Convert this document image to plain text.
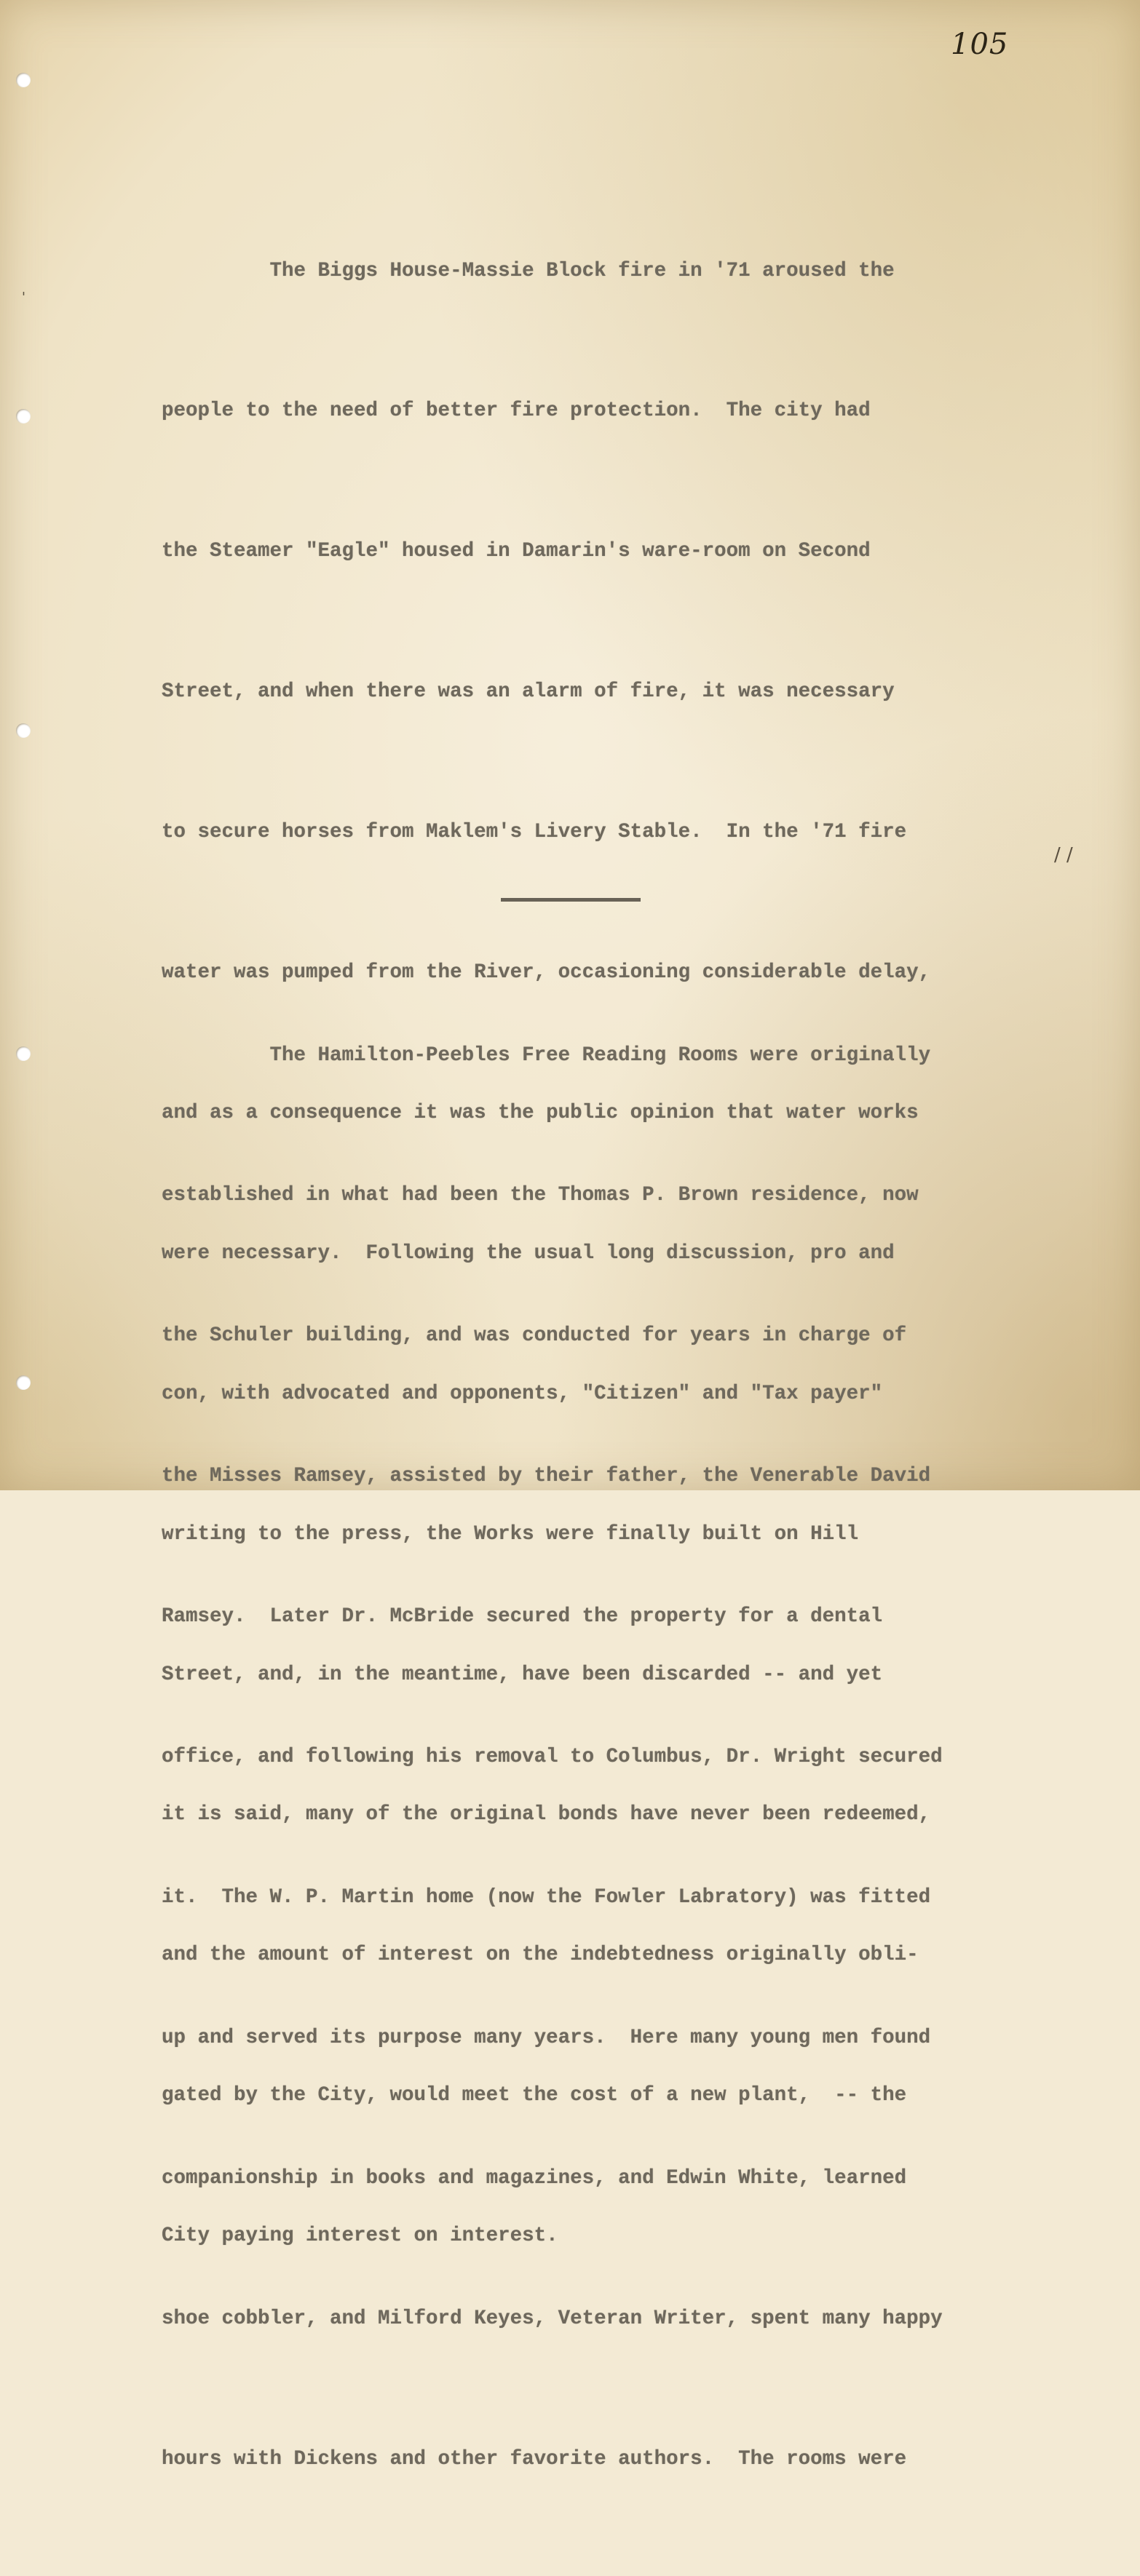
'
/ /
105

The Biggs House-Massie Block fire in '71 aroused the

people to the need of better fire protection.  The city had

the Steamer "Eagle" housed in Damarin's ware-room on Second

Street, and when there was an alarm of fire, it was necessary

to secure horses from Maklem's Livery Stable.  In the '71 fire

water was pumped from the River, occasioning considerable delay,

and as a consequence it was the public opinion that water works

were necessary.  Following the usual long discussion, pro and

con, with advocated and opponents, "Citizen" and "Tax payer"

writing to the press, the Works were finally built on Hill

Street, and, in the meantime, have been discarded -- and yet

it is said, many of the original bonds have never been redeemed,

and the amount of interest on the indebtedness originally obli-

gated by the City, would meet the cost of a new plant,  -- the

City paying interest on interest.

The Hamilton-Peebles Free Reading Rooms were originally

established in what had been the Thomas P. Brown residence, now

the Schuler building, and was conducted for years in charge of

the Misses Ramsey, assisted by their father, the Venerable David

Ramsey.  Later Dr. McBride secured the property for a dental

office, and following his removal to Columbus, Dr. Wright secured

it.  The W. P. Martin home (now the Fowler Labratory) was fitted

up and served its purpose many years.  Here many young men found

companionship in books and magazines, and Edwin White, learned

shoe cobbler, and Milford Keyes, Veteran Writer, spent many happy

hours with Dickens and other favorite authors.  The rooms were
